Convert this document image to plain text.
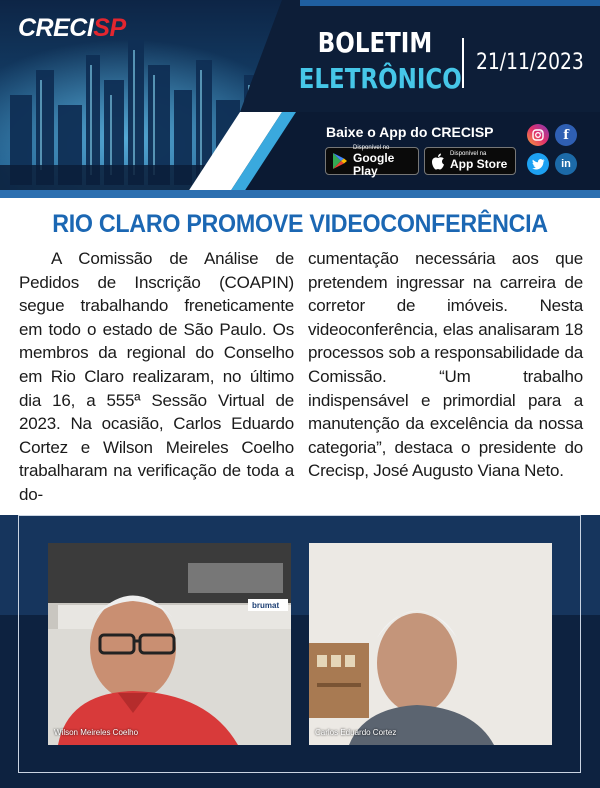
CRECISP	BOLETIM
ELETRÔNICO 21/11/2023
Baixe o App do CRECISP
Disponível no
Google Play
Disponível na
App Store
f
in
RIO CLARO PROMOVE VIDEOCONFERÊNCIA

A Comissão de Análise de Pedidos de Inscrição (COAPIN) segue trabalhando freneticamente em todo o estado de São Paulo. Os membros da regional do Conselho em Rio Claro realizaram, no último dia 16, a 555ª Sessão Virtual de 2023. Na ocasião, Carlos Eduardo Cortez e Wilson Meireles Coelho trabalharam na verificação de toda a do-

cumentação necessária aos que pretendem ingressar na carreira de corretor de imóveis. Nesta videoconferência, elas analisaram 18 processos sob a responsabilidade da Comissão. “Um trabalho indispensável e primordial para a manutenção da excelência da nossa categoria”, destaca o presidente do Crecisp, José Augusto Viana Neto.

brumat
Wilson Meireles Coelho	Carlos Eduardo Cortez
